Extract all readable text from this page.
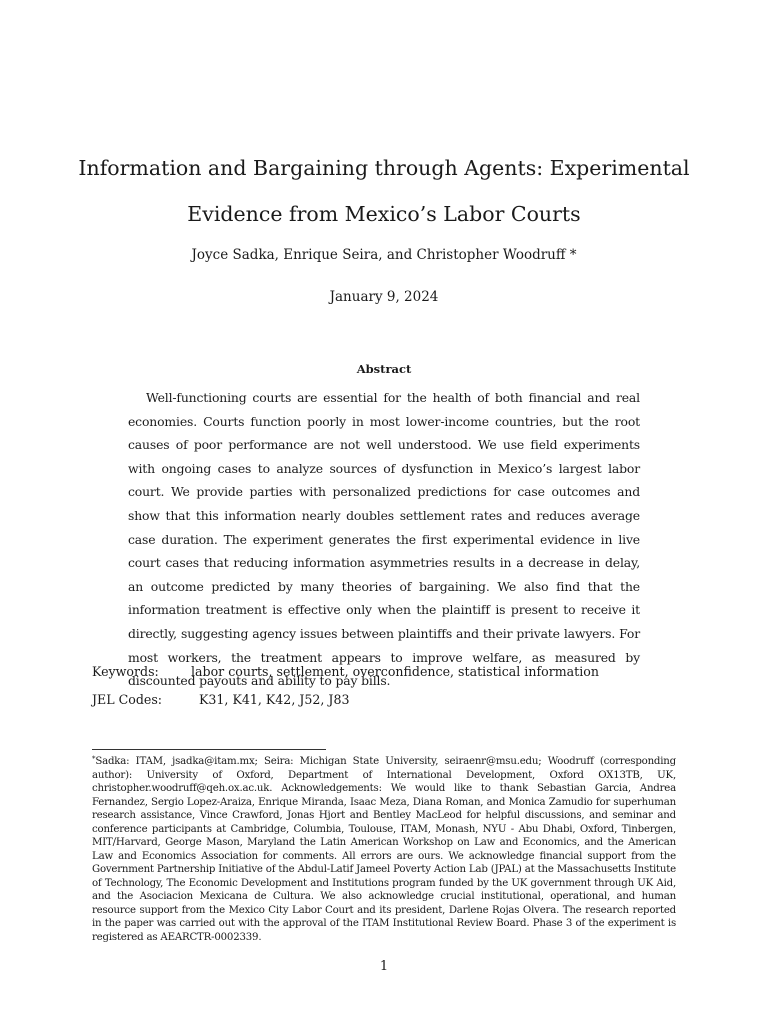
Information and Bargaining through Agents: Experimental
Evidence from Mexico’s Labor Courts
Joyce Sadka, Enrique Seira, and Christopher Woodruff *
January 9, 2024
Abstract

Well-functioning courts are essential for the health of both financial and real economies. Courts function poorly in most lower-income countries, but the root causes of poor performance are not well understood. We use field experiments with ongoing cases to analyze sources of dysfunction in Mexico’s largest labor court. We provide parties with personalized predictions for case outcomes and show that this information nearly doubles settlement rates and reduces average case duration. The experiment generates the first experimental evidence in live court cases that reducing information asymmetries results in a decrease in delay, an outcome predicted by many theories of bargaining. We also find that the information treatment is effective only when the plaintiff is present to receive it directly, suggesting agency issues between plaintiffs and their private lawyers. For most workers, the treatment appears to improve welfare, as measured by discounted payouts and ability to pay bills.

Keywords:	labor courts, settlement, overconfidence, statistical information
JEL Codes:	K31, K41, K42, J52, J83

*Sadka: ITAM, jsadka@itam.mx; Seira: Michigan State University, seiraenr@msu.edu; Woodruff (corresponding author): University of Oxford, Department of International Development, Oxford OX13TB, UK, christopher.woodruff@qeh.ox.ac.uk. Acknowledgements: We would like to thank Sebastian Garcia, Andrea Fernandez, Sergio Lopez-Araiza, Enrique Miranda, Isaac Meza, Diana Roman, and Monica Zamudio for superhuman research assistance, Vince Crawford, Jonas Hjort and Bentley MacLeod for helpful discussions, and seminar and conference participants at Cambridge, Columbia, Toulouse, ITAM, Monash, NYU - Abu Dhabi, Oxford, Tinbergen, MIT/Harvard, George Mason, Maryland the Latin American Workshop on Law and Economics, and the American Law and Economics Association for comments. All errors are ours. We acknowledge financial support from the Government Partnership Initiative of the Abdul-Latif Jameel Poverty Action Lab (JPAL) at the Massachusetts Institute of Technology, The Economic Development and Institutions program funded by the UK government through UK Aid, and the Asociacion Mexicana de Cultura. We also acknowledge crucial institutional, operational, and human resource support from the Mexico City Labor Court and its president, Darlene Rojas Olvera. The research reported in the paper was carried out with the approval of the ITAM Institutional Review Board. Phase 3 of the experiment is registered as AEARCTR-0002339.

1
